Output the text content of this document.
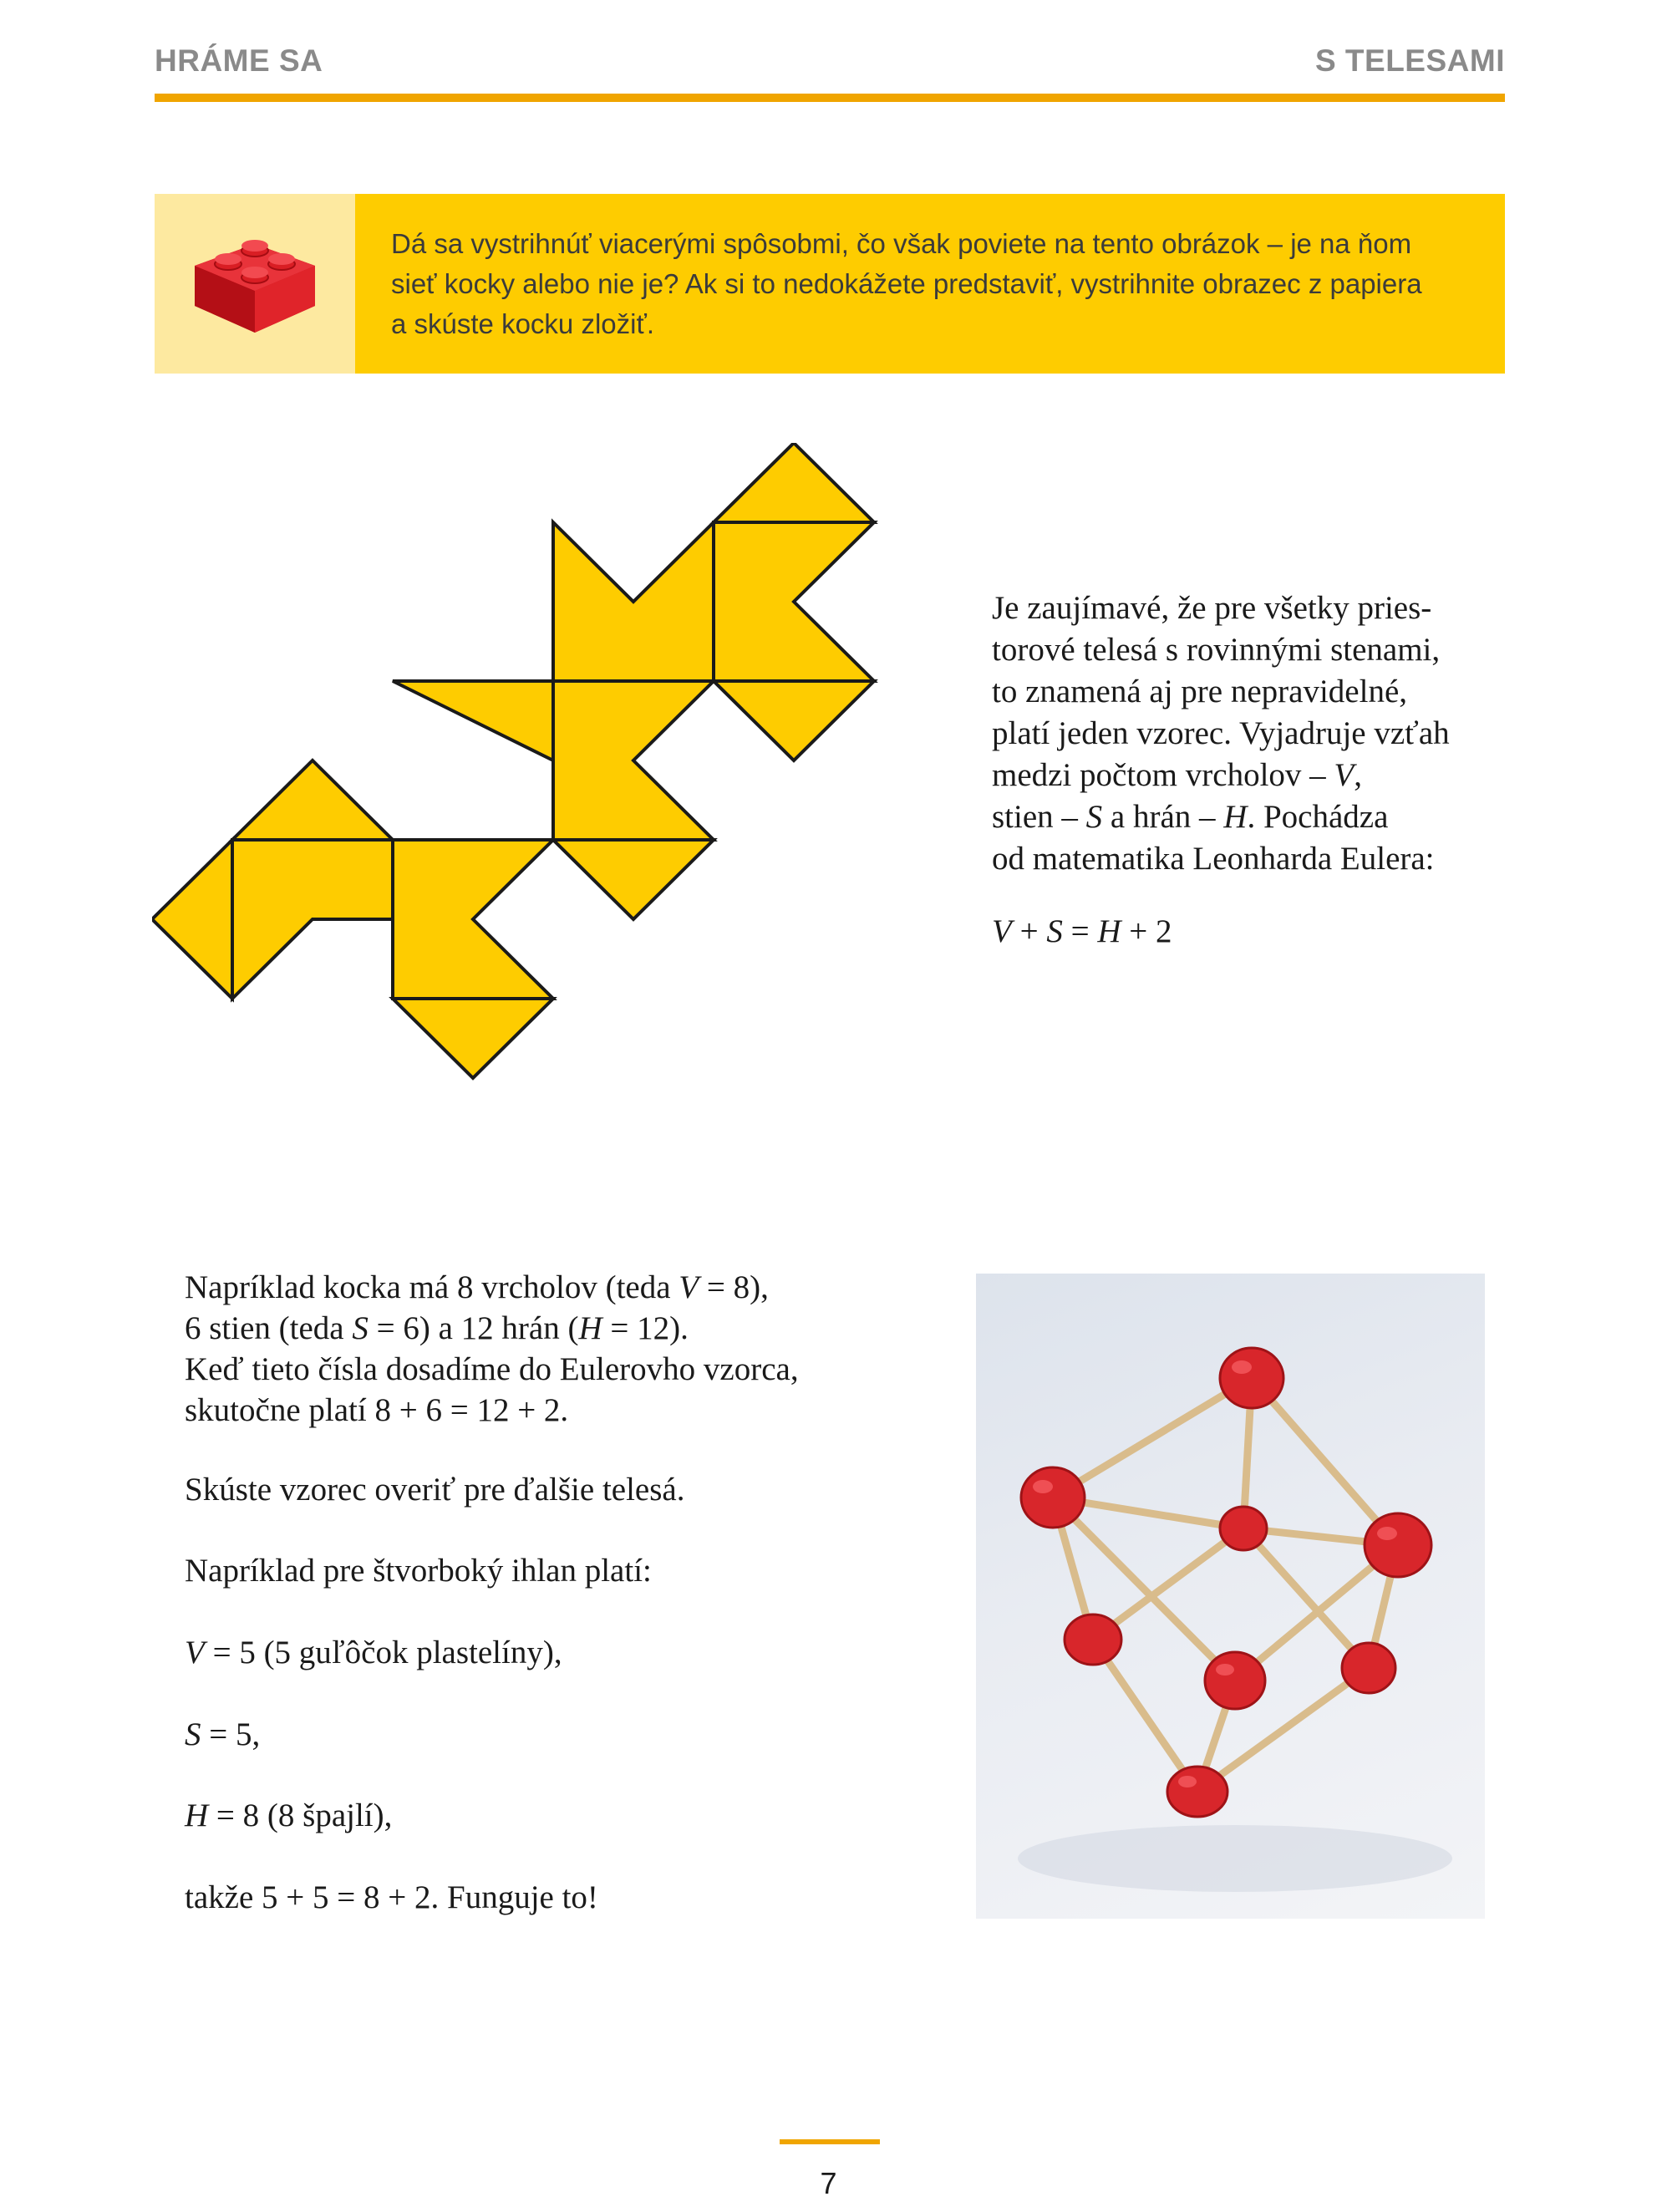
HRÁME SA	S TELESAMI
Dá sa vystrihnúť viacerými spôsobmi, čo však poviete na tento obrázok – je na ňom
sieť kocky alebo nie je? Ak si to nedokážete predstaviť, vystrihnite obrazec z papiera
a skúste kocku zložiť.
Je zaujímavé, že pre všetky pries-
torové telesá s rovinnými stenami,
to znamená aj pre nepravidelné,
platí jeden vzorec. Vyjadruje vzťah
medzi počtom vrcholov – V,
stien – S a hrán – H. Pochádza
od matematika Leonharda Eulera:
V + S = H + 2
Napríklad kocka má 8 vrcholov (teda V = 8),
6 stien (teda S = 6) a 12 hrán (H = 12).
Keď tieto čísla dosadíme do Eulerovho vzorca,
skutočne platí 8 + 6 = 12 + 2.
Skúste vzorec overiť pre ďalšie telesá.
Napríklad pre štvorboký ihlan platí:
V = 5 (5 guľôčok plastelíny),
S = 5,
H = 8 (8 špajlí),
takže 5 + 5 = 8 + 2. Funguje to!
7
